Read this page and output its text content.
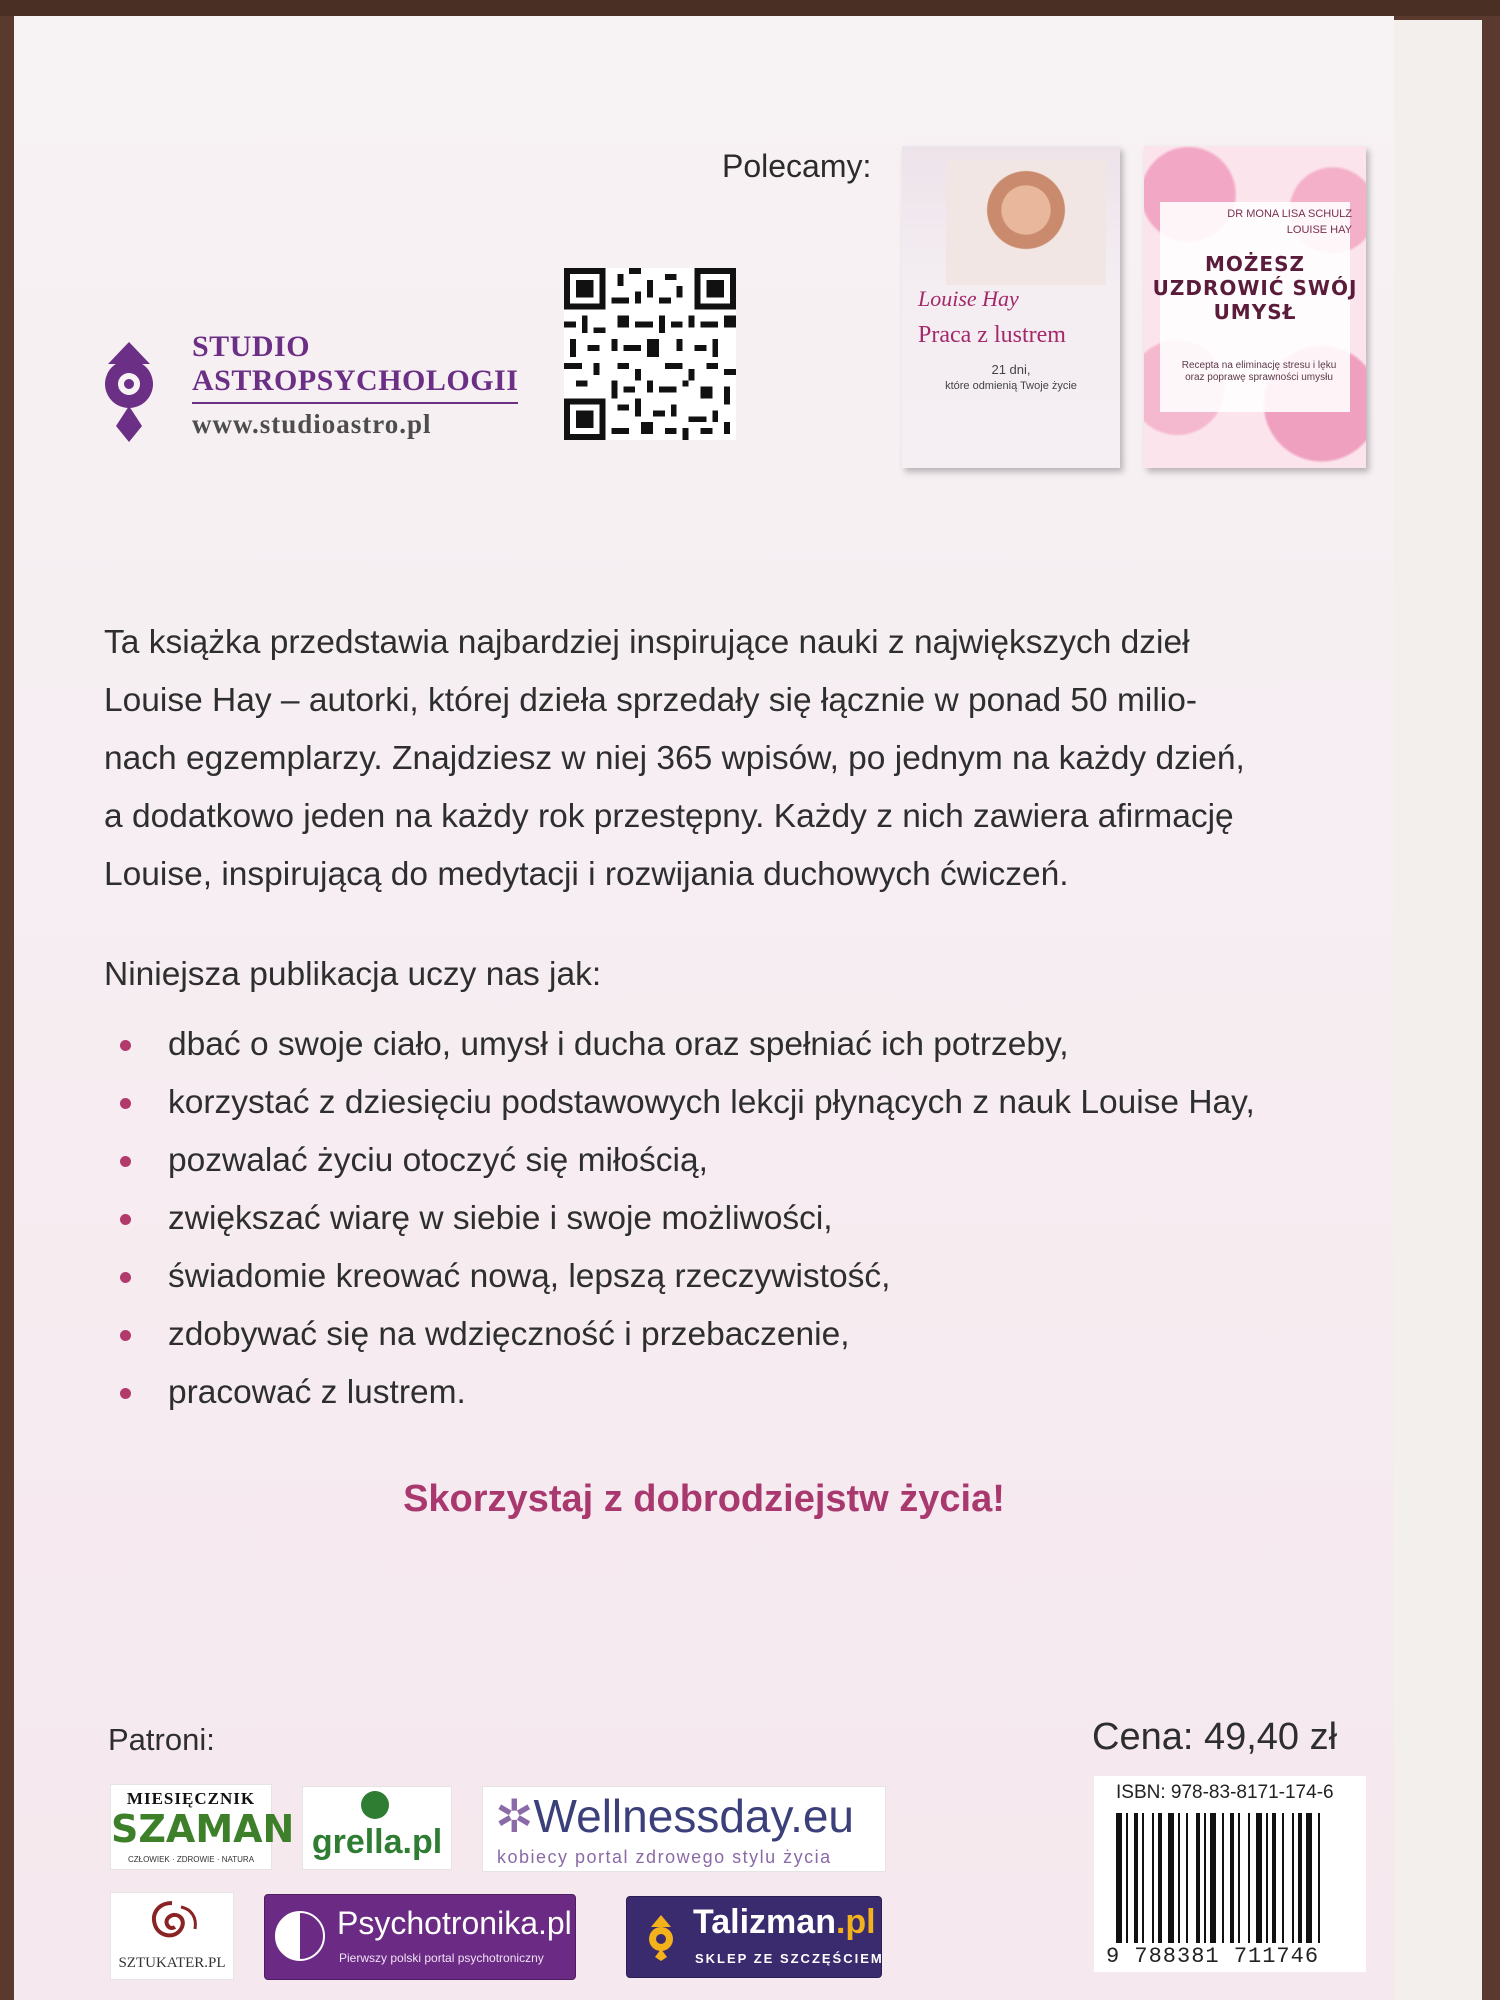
Polecamy:
STUDIO
ASTROPSYCHOLOGII
www.studioastro.pl
Louise Hay
Praca z lustrem
21 dni,
które odmienią Twoje życie
DR MONA LISA SCHULZ
LOUISE HAY
MOŻESZ UZDROWIĆ SWÓJ UMYSŁ
Recepta na eliminację stresu i lęku oraz poprawę sprawności umysłu

Ta książka przedstawia najbardziej inspirujące nauki z największych dzieł

Louise Hay – autorki, której dzieła sprzedały się łącznie w ponad 50 milio-

nach egzemplarzy. Znajdziesz w niej 365 wpisów, po jednym na każdy dzień,

a dodatkowo jeden na każdy rok przestępny. Każdy z nich zawiera afirmację

Louise, inspirującą do medytacji i rozwijania duchowych ćwiczeń.

Niniejsza publikacja uczy nas jak:
dbać o swoje ciało, umysł i ducha oraz spełniać ich potrzeby,
korzystać z dziesięciu podstawowych lekcji płynących z nauk Louise Hay,
pozwalać życiu otoczyć się miłością,
zwiększać wiarę w siebie i swoje możliwości,
świadomie kreować nową, lepszą rzeczywistość,
zdobywać się na wdzięczność i przebaczenie,
pracować z lustrem.
Skorzystaj z dobrodziejstw życia!
Patroni:	Cena: 49,40 zł
ISBN: 978-83-8171-174-6
9 788381 711746
MIESIĘCZNIK
SZAMAN
CZŁOWIEK · ZDROWIE · NATURA	grella.pl ✲Wellnessday.eu
kobiecy portal zdrowego stylu życia
SZTUKATER.PL
Psychotronika.pl
Pierwszy polski portal psychotroniczny
Talizman.pl
SKLEP ZE SZCZĘŚCIEM
